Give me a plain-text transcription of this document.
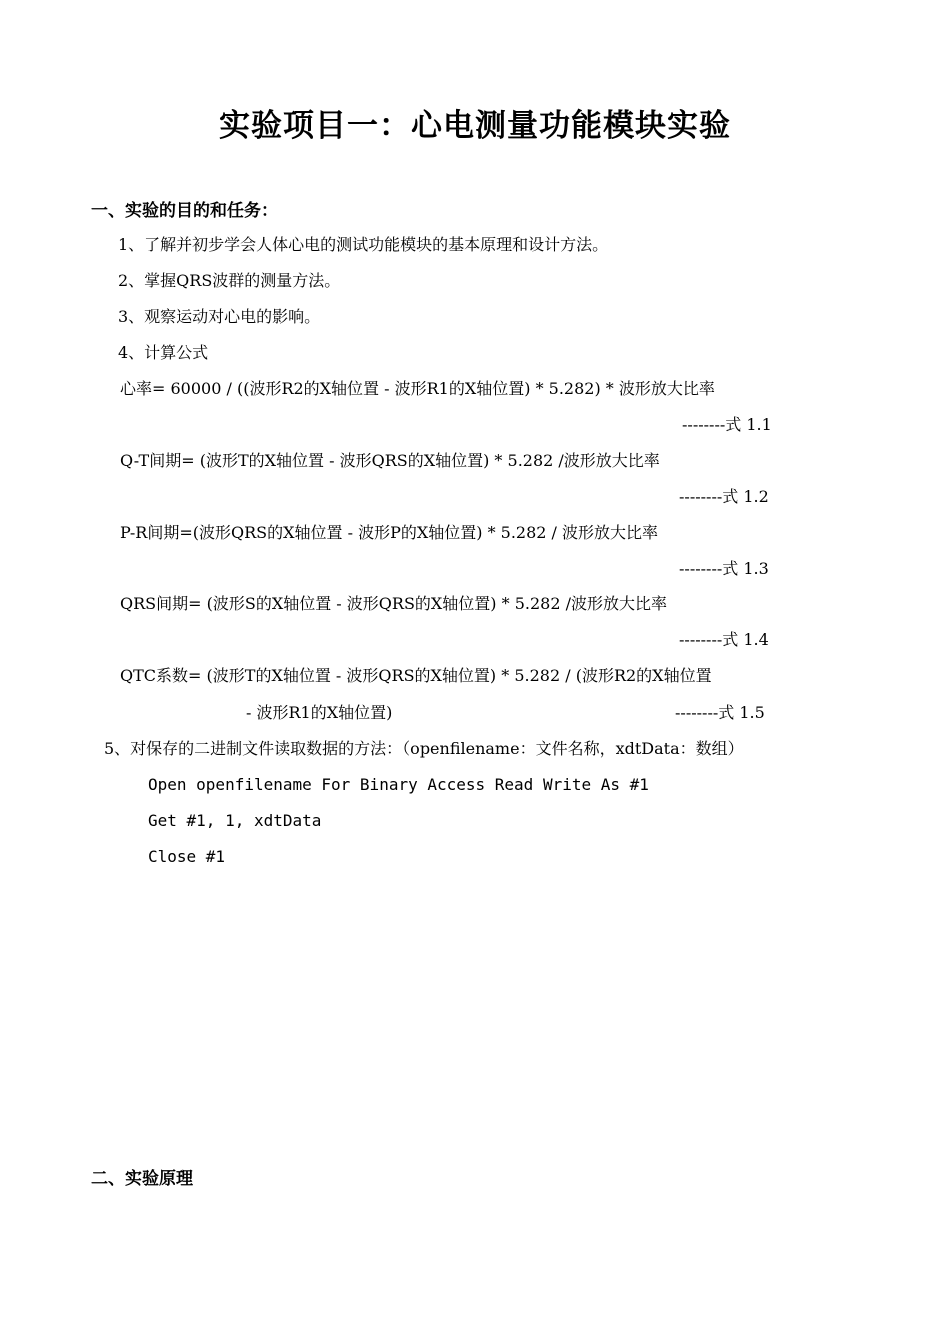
实验项目一：心电测量功能模块实验
一、实验的目的和任务：
1、了解并初步学会人体心电的测试功能模块的基本原理和设计方法。
2、掌握QRS波群的测量方法。
3、观察运动对心电的影响。
4、计算公式
心率= 60000 / ((波形R2的X轴位置 - 波形R1的X轴位置) * 5.282) * 波形放大比率
--------式 1.1
Q-T间期= (波形T的X轴位置 - 波形QRS的X轴位置) * 5.282 /波形放大比率
--------式 1.2
P-R间期=(波形QRS的X轴位置 - 波形P的X轴位置) * 5.282 / 波形放大比率
--------式 1.3
QRS间期= (波形S的X轴位置 - 波形QRS的X轴位置) * 5.282 /波形放大比率
--------式 1.4
QTC系数= (波形T的X轴位置 - 波形QRS的X轴位置) * 5.282 / (波形R2的X轴位置
- 波形R1的X轴位置)	--------式 1.5
5、对保存的二进制文件读取数据的方法：（openfilename：文件名称，xdtData：数组）
Open openfilename For Binary Access Read Write As #1
Get #1, 1, xdtData
Close #1
二、实验原理
